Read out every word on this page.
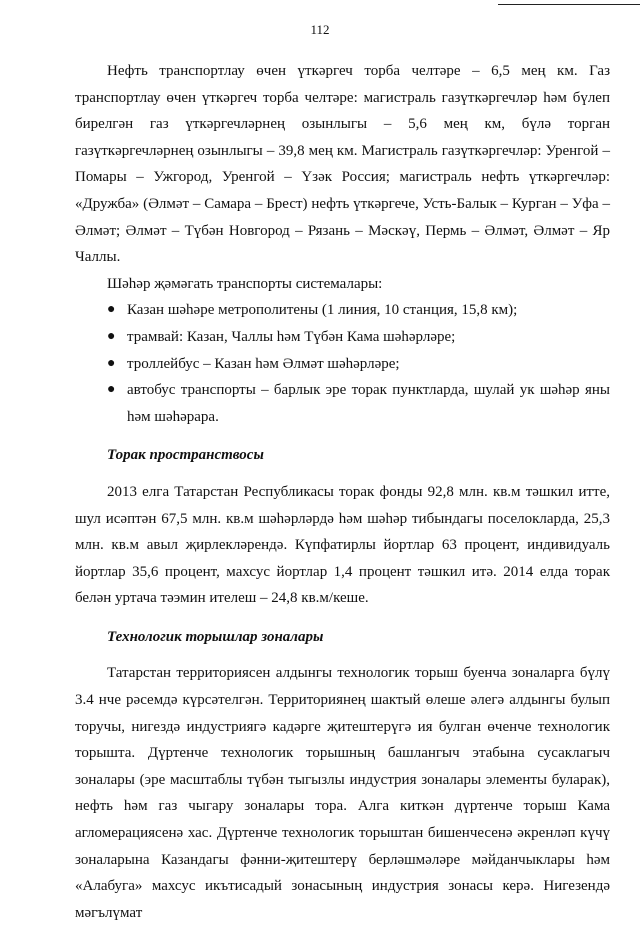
112

Нефть транспортлау өчен үткәргеч торба челтәре – 6,5 мең км. Газ транспортлау өчен үткәргеч торба челтәре: магистраль газүткәргечләр һәм бүлеп бирелгән газ үткәргечләрнең озынлыгы – 5,6 мең км, бүлә торган газүткәргечләрнең озынлыгы – 39,8 мең км. Магистраль газүткәргечләр: Уренгой – Помары – Ужгород, Уренгой – Үзәк Россия; магистраль нефть үткәргечләр: «Дружба» (Әлмәт – Самара – Брест) нефть үткәргече, Усть-Балык – Курган – Уфа – Әлмәт; Әлмәт – Түбән Новгород – Рязань – Мәскәү, Пермь – Әлмәт, Әлмәт – Яр Чаллы.

Шәһәр җәмәгать транспорты системалары:

● Казан шәһәре метрополитены (1 линия, 10 станция, 15,8 км);
● трамвай: Казан, Чаллы һәм Түбән Кама шәһәрләре;
● троллейбус – Казан һәм Әлмәт шәһәрләре;
● автобус транспорты – барлык эре торак пунктларда, шулай ук шәһәр яны һәм шәһәрара.
Торак пространствосы

2013 елга Татарстан Республикасы торак фонды 92,8 млн. кв.м тәшкил итте, шул исәптән 67,5 млн. кв.м шәһәрләрдә һәм шәһәр тибындагы поселокларда, 25,3 млн. кв.м авыл җирлекләрендә. Күпфатирлы йортлар 63 процент, индивидуаль йортлар 35,6 процент, махсус йортлар 1,4 процент тәшкил итә. 2014 елда торак белән уртача тәэмин ителеш – 24,8 кв.м/кеше.

Технологик торышлар зоналары

Татарстан территориясен алдынгы технологик торыш буенча зоналарга бүлү 3.4 нче рәсемдә күрсәтелгән. Территориянең шактый өлеше әлегә алдынгы булып торучы, нигездә индустриягә кадәрге җитештерүгә ия булган өченче технологик торышта. Дүртенче технологик торышның башлангыч этабына сусаклагыч зоналары (эре масштаблы түбән тыгызлы индустрия зоналары элементы буларак), нефть һәм газ чыгару зоналары тора. Алга киткән дүртенче торыш Кама агломерациясенә хас. Дүртенче технологик торыштан бишенчесенә әкренләп күчү зоналарына Казандагы фәнни-җитештерү берләшмәләре мәйданчыклары һәм «Алабуга» махсус икътисадый зонасының индустрия зонасы керә. Нигезендә мәгълүмат
